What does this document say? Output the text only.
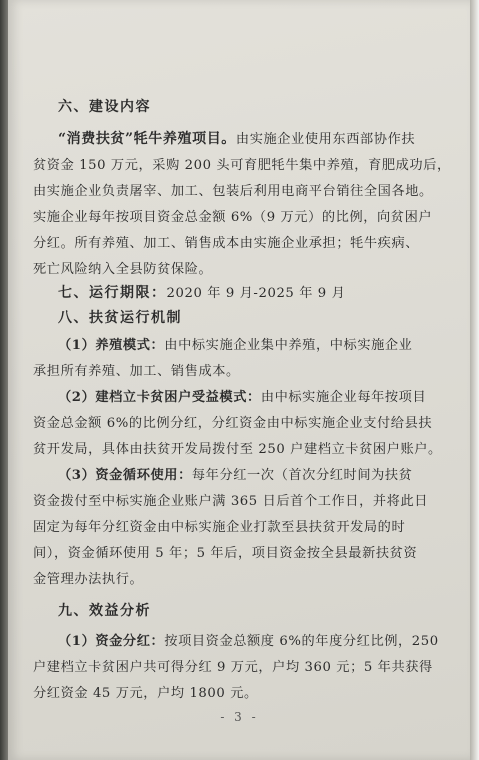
六、建设内容
“消费扶贫”牦牛养殖项目。由实施企业使用东西部协作扶
贫资金 150 万元，采购 200 头可育肥牦牛集中养殖，育肥成功后，
由实施企业负责屠宰、加工、包装后利用电商平台销往全国各地。
实施企业每年按项目资金总金额 6%（9 万元）的比例，向贫困户
分红。所有养殖、加工、销售成本由实施企业承担；牦牛疾病、
死亡风险纳入全县防贫保险。
七、运行期限：2020 年 9 月-2025 年 9 月
八、扶贫运行机制
（1）养殖模式：由中标实施企业集中养殖，中标实施企业
承担所有养殖、加工、销售成本。
（2）建档立卡贫困户受益模式：由中标实施企业每年按项目
资金总金额 6%的比例分红，分红资金由中标实施企业支付给县扶
贫开发局，具体由扶贫开发局拨付至 250 户建档立卡贫困户账户。
（3）资金循环使用：每年分红一次（首次分红时间为扶贫
资金拨付至中标实施企业账户满 365 日后首个工作日，并将此日
固定为每年分红资金由中标实施企业打款至县扶贫开发局的时
间），资金循环使用 5 年；5 年后，项目资金按全县最新扶贫资
金管理办法执行。
九、效益分析
（1）资金分红：按项目资金总额度 6%的年度分红比例，250
户建档立卡贫困户共可得分红 9 万元，户均 360 元；5 年共获得
分红资金 45 万元，户均 1800 元。
- 3 -
